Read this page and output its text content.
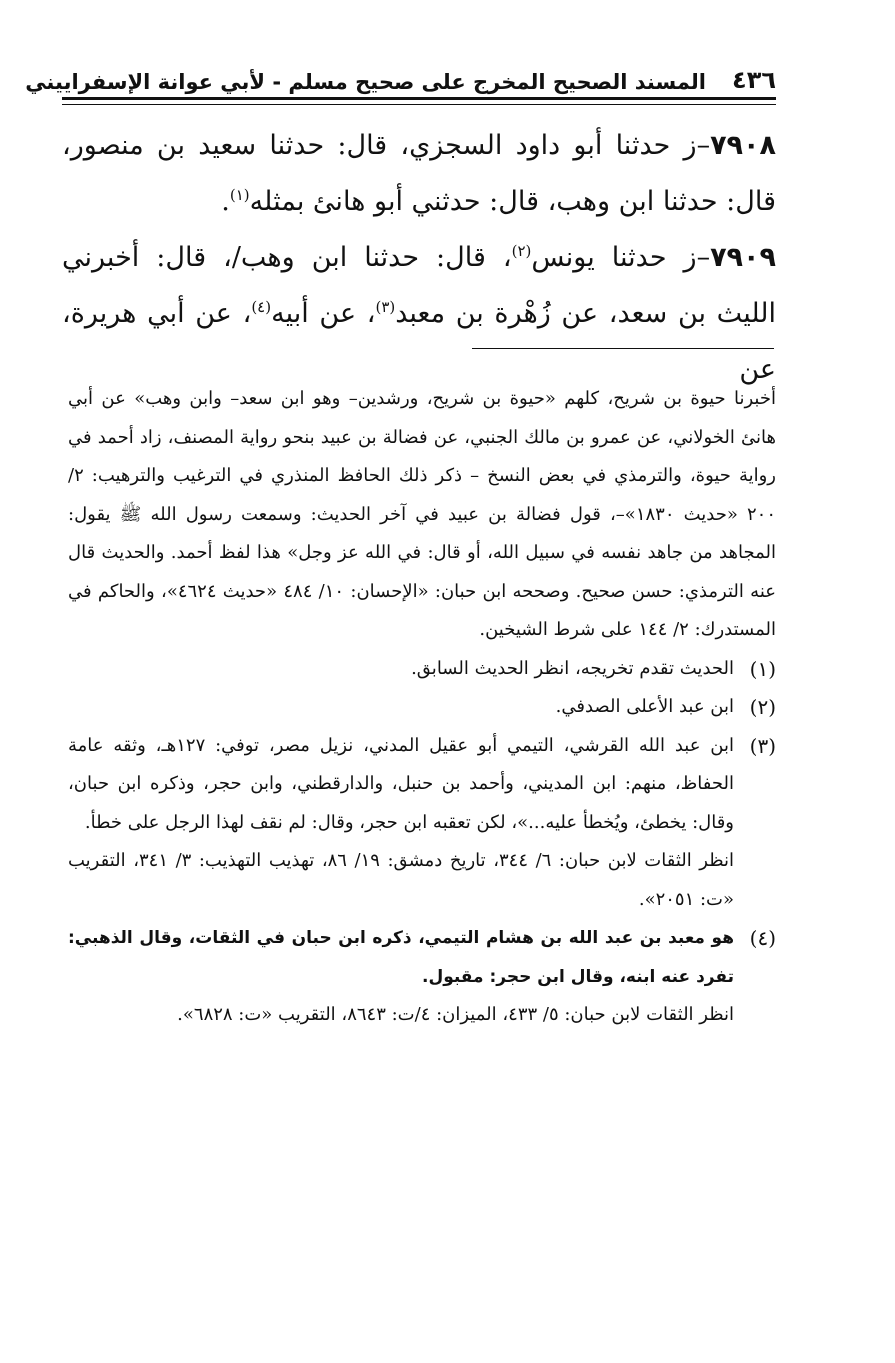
٤٣٦
المسند الصحيح المخرج على صحيح مسلم - لأبي عوانة الإسفراييني

٧٩٠٨–ز حدثنا أبو داود السجزي، قال: حدثنا سعيد بن منصور، قال: حدثنا ابن وهب، قال: حدثني أبو هانئ بمثله$^{(١)}$.

٧٩٠٩–ز حدثنا يونس$^{(٢)}$، قال: حدثنا ابن وهب/، قال: أخبرني الليث بن سعد، عن زُهْرة بن معبد$^{(٣)}$، عن أبيه$^{(٤)}$، عن أبي هريرة، عن

أخبرنا حيوة بن شريح، كلهم «حيوة بن شريح، ورشدين– وهو ابن سعد– وابن وهب» عن أبي هانئ الخولاني، عن عمرو بن مالك الجنبي، عن فضالة بن عبيد بنحو رواية المصنف، زاد أحمد في رواية حيوة، والترمذي في بعض النسخ – ذكر ذلك الحافظ المنذري في الترغيب والترهيب: ٢/ ٢٠٠ «حديث ١٨٣٠»–، قول فضالة بن عبيد في آخر الحديث: وسمعت رسول الله ﷺ يقول: المجاهد من جاهد نفسه في سبيل الله، أو قال: في الله عز وجل» هذا لفظ أحمد. والحديث قال عنه الترمذي: حسن صحيح. وصححه ابن حبان: «الإحسان: ١٠/ ٤٨٤ «حديث ٤٦٢٤»، والحاكم في المستدرك: ٢/ ١٤٤ على شرط الشيخين.

(١)

الحديث تقدم تخريجه، انظر الحديث السابق.

(٢)

ابن عبد الأعلى الصدفي.

(٣)

ابن عبد الله القرشي، التيمي أبو عقيل المدني، نزيل مصر، توفي: ١٢٧هـ، وثقه عامة الحفاظ، منهم: ابن المديني، وأحمد بن حنبل، والدارقطني، وابن حجر، وذكره ابن حبان، وقال: يخطئ، ويُخطأ عليه...»، لكن تعقبه ابن حجر، وقال: لم نقف لهذا الرجل على خطأ.

انظر الثقات لابن حبان: ٦/ ٣٤٤، تاريخ دمشق: ١٩/ ٨٦، تهذيب التهذيب: ٣/ ٣٤١، التقريب «ت: ٢٠٥١».

(٤)

هو معبد بن عبد الله بن هشام التيمي، ذكره ابن حبان في الثقات، وقال الذهبي: تفرد عنه ابنه، وقال ابن حجر: مقبول.

انظر الثقات لابن حبان: ٥/ ٤٣٣، الميزان: ٤/ت: ٨٦٤٣، التقريب «ت: ٦٨٢٨».
